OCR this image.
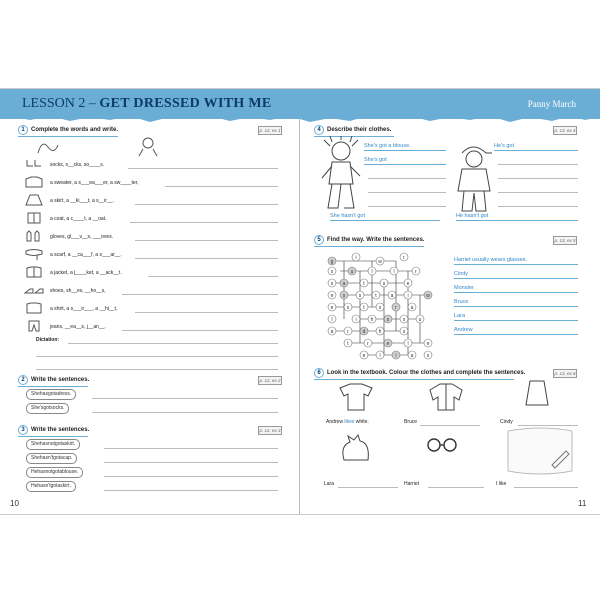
LESSON 2 – GET DRESSED WITH ME	Panny March
10	11
1 Complete the words and write.	p. 12, ex 1
socks, s__cks, so____s.
a sweater, a s___ea___er, a sw____ter,
a skirt, a __ki___t, a s__ir__.
a coat, a c____t, a __oat.
gloves, gl___v__s, ___oves.
a scarf, a __ca___f, a s___ar__.
a jacket, a j____ket, a __ack__t.
shoes, sh__es, __ho__s,
a shirt, a s___ir___, a __hi__t,
jeans, __ea__s, j__an__.
Dictation:
2 Write the sentences.	p. 12, ex 2
Shehasgotadress.
She'sgotsocks.
3 Write the sentences.	p. 12, ex 3
Shehasnotgotaskirt.
Shehasn'tgotacap.
Hehasnotgotablouse.
Hehasn'tgotaskirt.
4 Describe their clothes.	p. 13, ex 4
She's got a blouse.
She's got
She hasn't got
He's got
He hasn't got
5 Find the way. Write the sentences.	p. 13, ex 5
g
i
w
r
s	u	l	l	r
s a	t	s	e
e s	s	t	a	i	w
e	s	t	s	r	a
l	i	h	s	s	u
a	r	d	h	s
t	r	e	l	e
e	l	i	a	s
Harriet usually wears glasses.
Cindy
Monster
Bruce
Lara
Andrew
6 Look in the textbook. Colour the clothes and complete the sentences.	p. 13, ex 6
Andrew likes white.	Bruce	Cindy
Lara	Harriet	I like
